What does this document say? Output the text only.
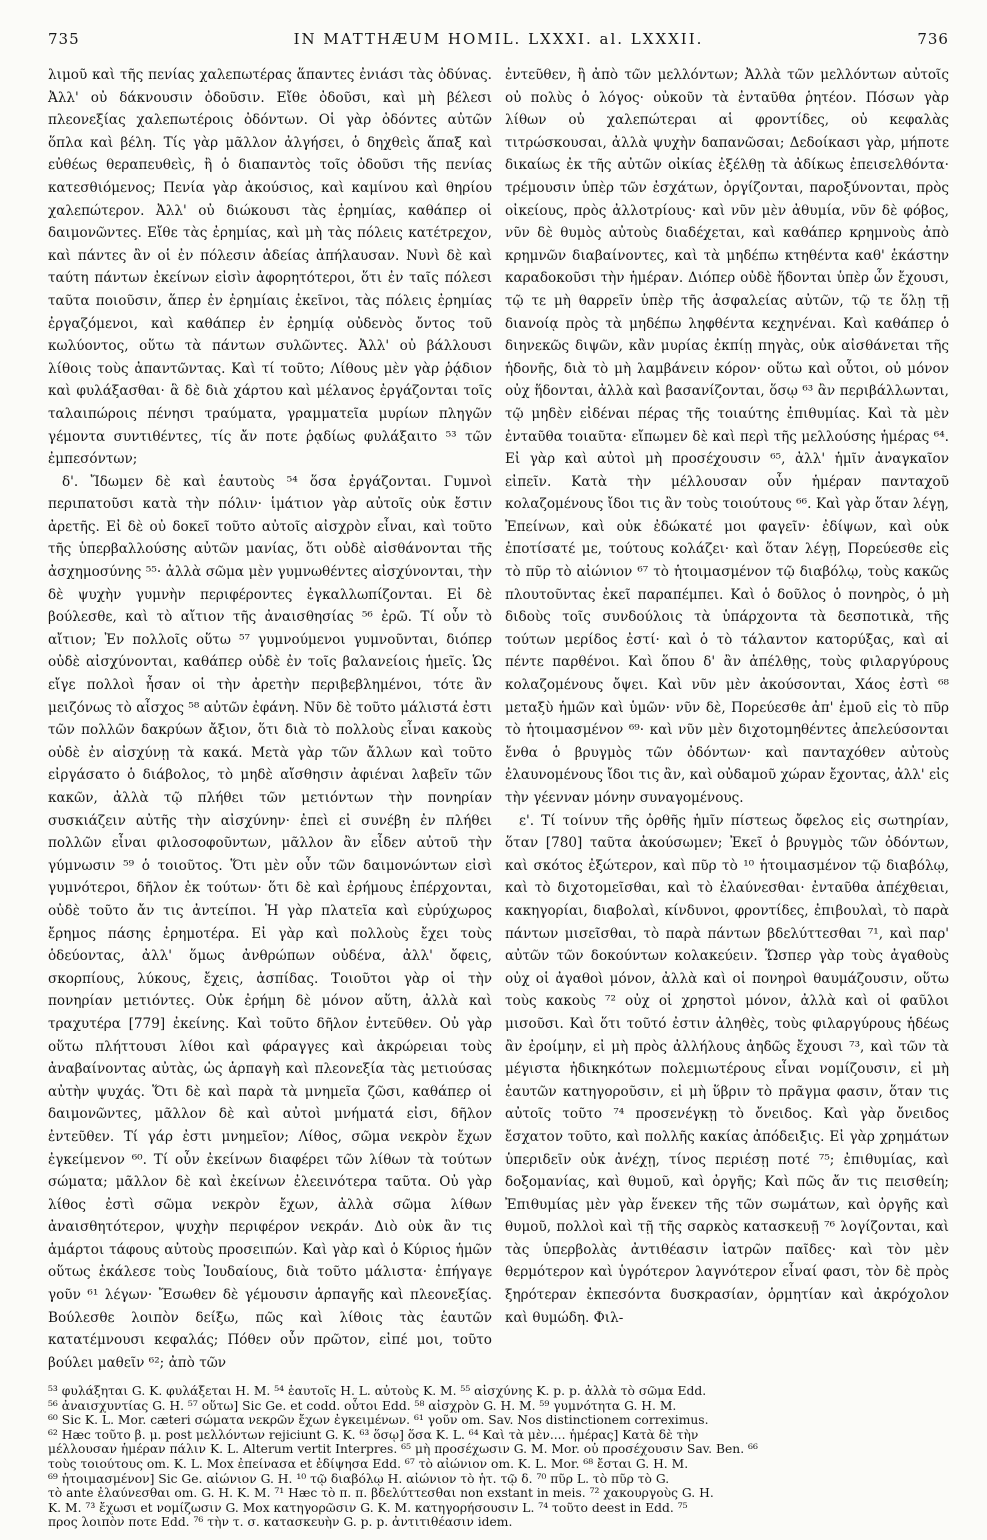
735	IN MATTHÆUM HOMIL. LXXXI. al. LXXXII.	736

λιμοῦ καὶ τῆς πενίας χαλεπωτέρας ἅπαντες ἐνιάσι τὰς ὀδύνας. Ἀλλ' οὐ δάκνουσιν ὀδοῦσιν. Εἴθε ὀδοῦσι, καὶ μὴ βέλεσι πλεονεξίας χαλεπωτέροις ὀδόντων. Οἱ γὰρ ὀδόντες αὐτῶν ὅπλα καὶ βέλη. Τίς γὰρ μᾶλλον ἀλγήσει, ὁ δηχθεὶς ἅπαξ καὶ εὐθέως θεραπευθεὶς, ἢ ὁ διαπαντὸς τοῖς ὀδοῦσι τῆς πενίας κατεσθιόμενος; Πενία γὰρ ἀκούσιος, καὶ καμίνου καὶ θηρίου χαλεπώτερον. Ἀλλ' οὐ διώκουσι τὰς ἐρημίας, καθάπερ οἱ δαιμονῶντες. Εἴθε τὰς ἐρημίας, καὶ μὴ τὰς πόλεις κατέτρεχον, καὶ πάντες ἂν οἱ ἐν πόλεσιν ἀδείας ἀπήλαυσαν. Νυνὶ δὲ καὶ ταύτη πάντων ἐκείνων εἰσὶν ἀφορητότεροι, ὅτι ἐν ταῖς πόλεσι ταῦτα ποιοῦσιν, ἅπερ ἐν ἐρημίαις ἐκεῖνοι, τὰς πόλεις ἐρημίας ἐργαζόμενοι, καὶ καθάπερ ἐν ἐρημίᾳ οὐδενὸς ὄντος τοῦ κωλύοντος, οὕτω τὰ πάντων συλῶντες. Ἀλλ' οὐ βάλλουσι λίθοις τοὺς ἀπαντῶντας. Καὶ τί τοῦτο; Λίθους μὲν γὰρ ῥᾴδιον καὶ φυλάξασθαι· ἃ δὲ διὰ χάρτου καὶ μέλανος ἐργάζονται τοῖς ταλαιπώροις πένησι τραύματα, γραμματεῖα μυρίων πληγῶν γέμοντα συντιθέντες, τίς ἄν ποτε ῥᾳδίως φυλάξαιτο ⁵³ τῶν ἐμπεσόντων;

δ'. Ἴδωμεν δὲ καὶ ἑαυτοὺς ⁵⁴ ὅσα ἐργάζονται. Γυμνοὶ περιπατοῦσι κατὰ τὴν πόλιν· ἱμάτιον γὰρ αὐτοῖς οὐκ ἔστιν ἀρετῆς. Εἰ δὲ οὐ δοκεῖ τοῦτο αὐτοῖς αἰσχρὸν εἶναι, καὶ τοῦτο τῆς ὑπερβαλλούσης αὐτῶν μανίας, ὅτι οὐδὲ αἰσθάνονται τῆς ἀσχημοσύνης ⁵⁵· ἀλλὰ σῶμα μὲν γυμνωθέντες αἰσχύνονται, τὴν δὲ ψυχὴν γυμνὴν περιφέροντες ἐγκαλλωπίζονται. Εἰ δὲ βούλεσθε, καὶ τὸ αἴτιον τῆς ἀναισθησίας ⁵⁶ ἐρῶ. Τί οὖν τὸ αἴτιον; Ἐν πολλοῖς οὕτω ⁵⁷ γυμνούμενοι γυμνοῦνται, διόπερ οὐδὲ αἰσχύνονται, καθάπερ οὐδὲ ἐν τοῖς βαλανείοις ἡμεῖς. Ὡς εἴγε πολλοὶ ἦσαν οἱ τὴν ἀρετὴν περιβεβλημένοι, τότε ἂν μειζόνως τὸ αἶσχος ⁵⁸ αὐτῶν ἐφάνη. Νῦν δὲ τοῦτο μάλιστά ἐστι τῶν πολλῶν δακρύων ἄξιον, ὅτι διὰ τὸ πολλοὺς εἶναι κακοὺς οὐδὲ ἐν αἰσχύνῃ τὰ κακά. Μετὰ γὰρ τῶν ἄλλων καὶ τοῦτο εἰργάσατο ὁ διάβολος, τὸ μηδὲ αἴσθησιν ἀφιέναι λαβεῖν τῶν κακῶν, ἀλλὰ τῷ πλήθει τῶν μετιόντων τὴν πονηρίαν συσκιάζειν αὐτῆς τὴν αἰσχύνην· ἐπεὶ εἰ συνέβη ἐν πλήθει πολλῶν εἶναι φιλοσοφοῦντων, μᾶλλον ἂν εἶδεν αὐτοῦ τὴν γύμνωσιν ⁵⁹ ὁ τοιοῦτος. Ὅτι μὲν οὖν τῶν δαιμονώντων εἰσὶ γυμνότεροι, δῆλον ἐκ τούτων· ὅτι δὲ καὶ ἐρήμους ἐπέρχονται, οὐδὲ τοῦτο ἄν τις ἀντείποι. Ἡ γὰρ πλατεῖα καὶ εὐρύχωρος ἔρημος πάσης ἐρημοτέρα. Εἰ γὰρ καὶ πολλοὺς ἔχει τοὺς ὁδεύοντας, ἀλλ' ὅμως ἀνθρώπων οὐδένα, ἀλλ' ὄφεις, σκορπίους, λύκους, ἔχεις, ἀσπίδας. Τοιοῦτοι γὰρ οἱ τὴν πονηρίαν μετιόντες. Οὐκ ἐρήμη δὲ μόνον αὕτη, ἀλλὰ καὶ τραχυτέρα [779] ἐκείνης. Καὶ τοῦτο δῆλον ἐντεῦθεν. Οὐ γὰρ οὕτω πλήττουσι λίθοι καὶ φάραγγες καὶ ἀκρώρειαι τοὺς ἀναβαίνοντας αὐτὰς, ὡς ἁρπαγὴ καὶ πλεονεξία τὰς μετιούσας αὐτὴν ψυχάς. Ὅτι δὲ καὶ παρὰ τὰ μνημεῖα ζῶσι, καθάπερ οἱ δαιμονῶντες, μᾶλλον δὲ καὶ αὐτοὶ μνήματά εἰσι, δῆλον ἐντεῦθεν. Τί γάρ ἐστι μνημεῖον; Λίθος, σῶμα νεκρὸν ἔχων ἐγκείμενον ⁶⁰. Τί οὖν ἐκείνων διαφέρει τῶν λίθων τὰ τούτων σώματα; μᾶλλον δὲ καὶ ἐκείνων ἐλεεινότερα ταῦτα. Οὐ γὰρ λίθος ἐστὶ σῶμα νεκρὸν ἔχων, ἀλλὰ σῶμα λίθων ἀναισθητότερον, ψυχὴν περιφέρον νεκράν. Διὸ οὐκ ἂν τις ἁμάρτοι τάφους αὐτοὺς προσειπών. Καὶ γὰρ καὶ ὁ Κύριος ἡμῶν οὕτως ἐκάλεσε τοὺς Ἰουδαίους, διὰ τοῦτο μάλιστα· ἐπήγαγε γοῦν ⁶¹ λέγων· Ἔσωθεν δὲ γέμουσιν ἁρπαγῆς καὶ πλεονεξίας. Βούλεσθε λοιπὸν δείξω, πῶς καὶ λίθοις τὰς ἑαυτῶν κατατέμνουσι κεφαλάς; Πόθεν οὖν πρῶτον, εἰπέ μοι, τοῦτο βούλει μαθεῖν ⁶²; ἀπὸ τῶν

ἐντεῦθεν, ἢ ἀπὸ τῶν μελλόντων; Ἀλλὰ τῶν μελλόντων αὐτοῖς οὐ πολὺς ὁ λόγος· οὐκοῦν τὰ ἐνταῦθα ῥητέον. Πόσων γὰρ λίθων οὐ χαλεπώτεραι αἱ φροντίδες, οὐ κεφαλὰς τιτρώσκουσαι, ἀλλὰ ψυχὴν δαπανῶσαι; Δεδοίκασι γὰρ, μήποτε δικαίως ἐκ τῆς αὐτῶν οἰκίας ἐξέλθῃ τὰ ἀδίκως ἐπεισελθόντα· τρέμουσιν ὑπὲρ τῶν ἐσχάτων, ὀργίζονται, παροξύνονται, πρὸς οἰκείους, πρὸς ἀλλοτρίους· καὶ νῦν μὲν ἀθυμία, νῦν δὲ φόβος, νῦν δὲ θυμὸς αὐτοὺς διαδέχεται, καὶ καθάπερ κρημνοὺς ἀπὸ κρημνῶν διαβαίνοντες, καὶ τὰ μηδέπω κτηθέντα καθ' ἑκάστην καραδοκοῦσι τὴν ἡμέραν. Διόπερ οὐδὲ ἥδονται ὑπὲρ ὧν ἔχουσι, τῷ τε μὴ θαρρεῖν ὑπὲρ τῆς ἀσφαλείας αὐτῶν, τῷ τε ὅλῃ τῇ διανοίᾳ πρὸς τὰ μηδέπω ληφθέντα κεχηνέναι. Καὶ καθάπερ ὁ διηνεκῶς διψῶν, κἂν μυρίας ἐκπίῃ πηγὰς, οὐκ αἰσθάνεται τῆς ἡδονῆς, διὰ τὸ μὴ λαμβάνειν κόρον· οὕτω καὶ οὗτοι, οὐ μόνον οὐχ ἥδονται, ἀλλὰ καὶ βασανίζονται, ὅσῳ ⁶³ ἂν περιβάλλωνται, τῷ μηδὲν εἰδέναι πέρας τῆς τοιαύτης ἐπιθυμίας. Καὶ τὰ μὲν ἐνταῦθα τοιαῦτα· εἴπωμεν δὲ καὶ περὶ τῆς μελλούσης ἡμέρας ⁶⁴. Εἰ γὰρ καὶ αὐτοὶ μὴ προσέχουσιν ⁶⁵, ἀλλ' ἡμῖν ἀναγκαῖον εἰπεῖν. Κατὰ τὴν μέλλουσαν οὖν ἡμέραν πανταχοῦ κολαζομένους ἴδοι τις ἂν τοὺς τοιούτους ⁶⁶. Καὶ γὰρ ὅταν λέγῃ, Ἐπείνων, καὶ οὐκ ἐδώκατέ μοι φαγεῖν· ἐδίψων, καὶ οὐκ ἐποτίσατέ με, τούτους κολάζει· καὶ ὅταν λέγῃ, Πορεύεσθε εἰς τὸ πῦρ τὸ αἰώνιον ⁶⁷ τὸ ἡτοιμασμένον τῷ διαβόλῳ, τοὺς κακῶς πλουτοῦντας ἐκεῖ παραπέμπει. Καὶ ὁ δοῦλος ὁ πονηρὸς, ὁ μὴ διδοὺς τοῖς συνδούλοις τὰ ὑπάρχοντα τὰ δεσποτικὰ, τῆς τούτων μερίδος ἐστί· καὶ ὁ τὸ τάλαντον κατορύξας, καὶ αἱ πέντε παρθένοι. Καὶ ὅπου δ' ἂν ἀπέλθῃς, τοὺς φιλαργύρους κολαζομένους ὄψει. Καὶ νῦν μὲν ἀκούσονται, Χάος ἐστὶ ⁶⁸ μεταξὺ ἡμῶν καὶ ὑμῶν· νῦν δὲ, Πορεύεσθε ἀπ' ἐμοῦ εἰς τὸ πῦρ τὸ ἡτοιμασμένον ⁶⁹· καὶ νῦν μὲν διχοτομηθέντες ἀπελεύσονται ἔνθα ὁ βρυγμὸς τῶν ὀδόντων· καὶ πανταχόθεν αὐτοὺς ἐλαυνομένους ἴδοι τις ἂν, καὶ οὐδαμοῦ χώραν ἔχοντας, ἀλλ' εἰς τὴν γέενναν μόνην συναγομένους.

ε'. Τί τοίνυν τῆς ὀρθῆς ἡμῖν πίστεως ὄφελος εἰς σωτηρίαν, ὅταν [780] ταῦτα ἀκούσωμεν; Ἐκεῖ ὁ βρυγμὸς τῶν ὀδόντων, καὶ σκότος ἐξώτερον, καὶ πῦρ τὸ ¹⁰ ἡτοιμασμένον τῷ διαβόλῳ, καὶ τὸ διχοτομεῖσθαι, καὶ τὸ ἐλαύνεσθαι· ἐνταῦθα ἀπέχθειαι, κακηγορίαι, διαβολαὶ, κίνδυνοι, φροντίδες, ἐπιβουλαὶ, τὸ παρὰ πάντων μισεῖσθαι, τὸ παρὰ πάντων βδελύττεσθαι ⁷¹, καὶ παρ' αὐτῶν τῶν δοκούντων κολακεύειν. Ὥσπερ γὰρ τοὺς ἀγαθοὺς οὐχ οἱ ἀγαθοὶ μόνον, ἀλλὰ καὶ οἱ πονηροὶ θαυμάζουσιν, οὕτω τοὺς κακοὺς ⁷² οὐχ οἱ χρηστοὶ μόνον, ἀλλὰ καὶ οἱ φαῦλοι μισοῦσι. Καὶ ὅτι τοῦτό ἐστιν ἀληθὲς, τοὺς φιλαργύρους ἡδέως ἂν ἐροίμην, εἰ μὴ πρὸς ἀλλήλους ἀηδῶς ἔχουσι ⁷³, καὶ τῶν τὰ μέγιστα ἠδικηκότων πολεμιωτέρους εἶναι νομίζουσιν, εἰ μὴ ἑαυτῶν κατηγοροῦσιν, εἰ μὴ ὕβριν τὸ πρᾶγμα φασιν, ὅταν τις αὐτοῖς τοῦτο ⁷⁴ προσενέγκῃ τὸ ὄνειδος. Καὶ γὰρ ὄνειδος ἔσχατον τοῦτο, καὶ πολλῆς κακίας ἀπόδειξις. Εἰ γὰρ χρημάτων ὑπεριδεῖν οὐκ ἀνέχῃ, τίνος περιέσῃ ποτέ ⁷⁵; ἐπιθυμίας, καὶ δοξομανίας, καὶ θυμοῦ, καὶ ὀργῆς; Καὶ πῶς ἄν τις πεισθείη; Ἐπιθυμίας μὲν γὰρ ἕνεκεν τῆς τῶν σωμάτων, καὶ ὀργῆς καὶ θυμοῦ, πολλοὶ καὶ τῇ τῆς σαρκὸς κατασκευῇ ⁷⁶ λογίζονται, καὶ τὰς ὑπερβολὰς ἀντιθέασιν ἰατρῶν παῖδες· καὶ τὸν μὲν θερμότερον καὶ ὑγρότερον λαγνότερον εἶναί φασι, τὸν δὲ πρὸς ξηρότεραν ἐκπεσόντα δυσκρασίαν, ὁρμητίαν καὶ ἀκρόχολον καὶ θυμώδη. Φιλ-

⁵³ φυλάξηται G. K. φυλάξεται H. M. ⁵⁴ ἑαυτοῖς H. L. αὐτοὺς K. M. ⁵⁵ αἰσχύνης K. p. p. ἀλλὰ τὸ σῶμα Edd.

⁵⁶ ἀναισχυντίας G. H. ⁵⁷ οὕτω] Sic Ge. et codd. οὗτοι Edd. ⁵⁸ αἰσχρὸν G. H. M. ⁵⁹ γυμνότητα G. H. M.

⁶⁰ Sic K. L. Mor. cæteri σώματα νεκρῶν ἔχων ἐγκειμένων. ⁶¹ γοῦν om. Sav. Nos distinctionem correximus.

⁶² Hæc τοῦτο β. μ. post μελλόντων rejiciunt G. K. ⁶³ ὅσῳ] ὅσα K. L. ⁶⁴ Καὶ τὰ μὲν.... ἡμέρας] Κατὰ δὲ τὴν

μέλλουσαν ἡμέραν πάλιν K. L. Alterum vertit Interpres. ⁶⁵ μὴ προσέχωσιν G. M. Mor. οὐ προσέχουσιν Sav. Ben. ⁶⁶

τοὺς τοιούτους om. K. L. Mox ἐπείνασα et ἐδίψησα Edd. ⁶⁷ τὸ αἰώνιον om. K. L. Mor. ⁶⁸ ἔσται G. H. M.

⁶⁹ ἡτοιμασμένον] Sic Ge. αἰώνιον G. H. ¹⁰ τῷ διαβόλῳ H. αἰώνιον τὸ ἡτ. τῷ δ. ⁷⁰ πῦρ L. τὸ πῦρ τὸ G.

τὸ ante ἐλαύνεσθαι om. G. H. K. M. ⁷¹ Hæc τὸ π. π. βδελύττεσθαι non exstant in meis. ⁷² χακουργοὺς G. H.

K. M. ⁷³ ἔχωσι et νομίζωσιν G. Mox κατηγορῶσιν G. K. M. κατηγορήσουσιν L. ⁷⁴ τοῦτο deest in Edd. ⁷⁵

προς λοιπὸν ποτε Edd. ⁷⁶ τὴν τ. σ. κατασκευὴν G. p. p. ἀντιτιθέασιν idem.
